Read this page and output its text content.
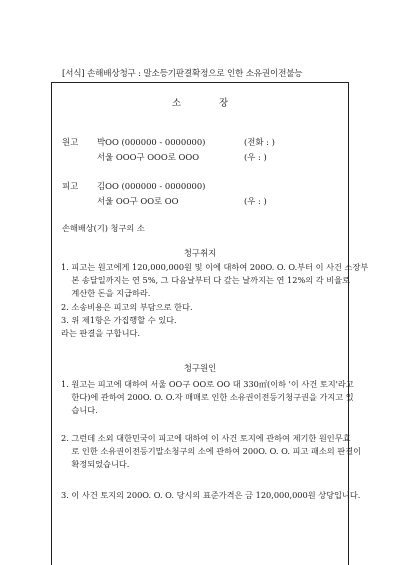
[서식] 손해배상청구 : 말소등기판결확정으로 인한 소유권이전불능
소장
원고 박OO (000000 - 0000000)	(전화 : )
서울 OOO구 OOO로 OOO	(우 : )
피고 김OO (000000 - 0000000)
서울 OO구 OO로 OO	(우 : )
손해배상(기) 청구의 소
청구취지
1. 피고는 원고에게 120,000,000원 및 이에 대하여 200O. O. O.부터 이 사건 소장부
본 송달일까지는 연 5%, 그 다음날부터 다 갚는 날까지는 연 12%의 각 비율로
계산한 돈을 지급하라.
2. 소송비용은 피고의 부담으로 한다.
3. 위 제1항은 가집행할 수 있다.
라는 판결을 구합니다.
청구원인
1. 원고는 피고에 대하여 서울 OO구 OO로 OO 대 330㎡(이하 '이 사건 토지'라고
한다)에 관하여 200O. O. O.자 매매로 인한 소유권이전등기청구권을 가지고 있
습니다.
2. 그런데 소외 대한민국이 피고에 대하여 이 사건 토지에 관하여 제기한 원인무효
로 인한 소유권이전등기말소청구의 소에 관하여 200O. O. O. 피고 패소의 판결이
확정되었습니다.
3. 이 사건 토지의 200O. O. O. 당시의 표준가격은 금 120,000,000원 상당입니다.
